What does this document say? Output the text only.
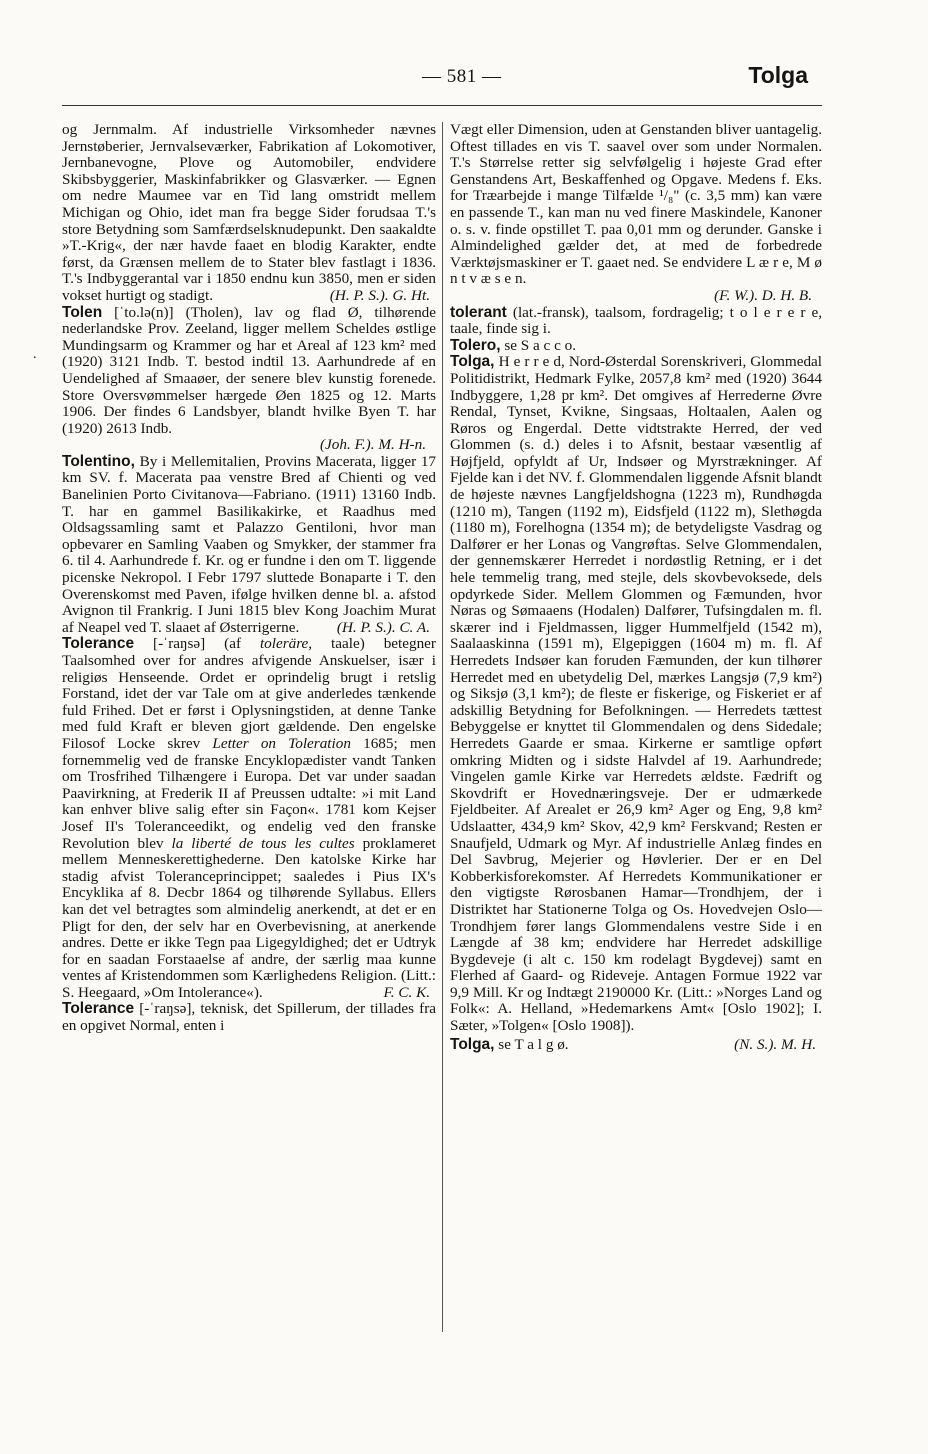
— 581 —	Tolga
.

og Jernmalm. Af industrielle Virksomheder nævnes Jernstøberier, Jernvalseværker, Fabrikation af Lokomotiver, Jernbanevogne, Plove og Automobiler, endvidere Skibsbyggerier, Maskinfabrikker og Glasværker. — Egnen om nedre Maumee var en Tid lang omstridt mellem Michigan og Ohio, idet man fra begge Sider forudsaa T.'s store Betydning som Samfærdselsknudepunkt. Den saakaldte »T.-Krig«, der nær havde faaet en blodig Karakter, endte først, da Grænsen mellem de to Stater blev fastlagt i 1836. T.'s Indbyggerantal var i 1850 endnu kun 3850, men er siden vokset hurtigt og stadigt.	(H. P. S.). G. Ht.

Tolen [ˈto.lə(n)] (Tholen), lav og flad Ø, tilhørende nederlandske Prov. Zeeland, ligger mellem Scheldes østlige Mundingsarm og Krammer og har et Areal af 123 km² med (1920) 3121 Indb. T. bestod indtil 13. Aarhundrede af en Uendelighed af Smaaøer, der senere blev kunstig forenede. Store Oversvømmelser hærgede Øen 1825 og 12. Marts 1906. Der findes 6 Landsbyer, blandt hvilke Byen T. har (1920) 2613 Indb.
(Joh. F.). M. H-n.

Tolentino, By i Mellemitalien, Provins Macerata, ligger 17 km SV. f. Macerata paa venstre Bred af Chienti og ved Banelinien Porto Civitanova—Fabriano. (1911) 13160 Indb. T. har en gammel Basilikakirke, et Raadhus med Oldsagssamling samt et Palazzo Gentiloni, hvor man opbevarer en Samling Vaaben og Smykker, der stammer fra 6. til 4. Aarhundrede f. Kr. og er fundne i den om T. liggende picenske Nekropol. I Febr 1797 sluttede Bonaparte i T. den Overenskomst med Paven, ifølge hvilken denne bl. a. afstod Avignon til Frankrig. I Juni 1815 blev Kong Joachim Murat af Neapel ved T. slaaet af Østerrigerne. (H. P. S.). C. A.

Tolerance [-ˈraŋsə] (af toleräre, taale) betegner Taalsomhed over for andres afvigende Anskuelser, især i religiøs Henseende. Ordet er oprindelig brugt i retslig Forstand, idet der var Tale om at give anderledes tænkende fuld Frihed. Det er først i Oplysningstiden, at denne Tanke med fuld Kraft er bleven gjort gældende. Den engelske Filosof Locke skrev Letter on Toleration 1685; men fornemmelig ved de franske Encyklopædister vandt Tanken om Trosfrihed Tilhængere i Europa. Det var under saadan Paavirkning, at Frederik II af Preussen udtalte: »i mit Land kan enhver blive salig efter sin Façon«. 1781 kom Kejser Josef II's Toleranceedikt, og endelig ved den franske Revolution blev la liberté de tous les cultes proklameret mellem Menneskerettighederne. Den katolske Kirke har stadig afvist Toleranceprincippet; saaledes i Pius IX's Encyklika af 8. Decbr 1864 og tilhørende Syllabus. Ellers kan det vel betragtes som almindelig anerkendt, at det er en Pligt for den, der selv har en Overbevisning, at anerkende andres. Dette er ikke Tegn paa Ligegyldighed; det er Udtryk for en saadan Forstaaelse af andre, der særlig maa kunne ventes af Kristendommen som Kærlighedens Religion. (Litt.: S. Heegaard, »Om Intolerance«).	F. C. K.

Tolerance [-ˈraŋsə], teknisk, det Spillerum, der tillades fra en opgivet Normal, enten i

Vægt eller Dimension, uden at Genstanden bliver uantagelig. Oftest tillades en vis T. saavel over som under Normalen. T.'s Størrelse retter sig selvfølgelig i højeste Grad efter Genstandens Art, Beskaffenhed og Opgave. Medens f. Eks. for Træarbejde i mange Tilfælde ¹/₈" (c. 3,5 mm) kan være en passende T., kan man nu ved finere Maskindele, Kanoner o. s. v. finde opstillet T. paa 0,01 mm og derunder. Ganske i Almindelighed gælder det, at med de forbedrede Værktøjsmaskiner er T. gaaet ned. Se endvidere L æ r e, M ø n t v æ s e n.
(F. W.). D. H. B.

tolerant (lat.-fransk), taalsom, fordragelig; t o l e r e r e, taale, finde sig i.

Tolero, se S a c c o.

Tolga, H e r r e d, Nord-Østerdal Sorenskriveri, Glommedal Politidistrikt, Hedmark Fylke, 2057,8 km² med (1920) 3644 Indbyggere, 1,28 pr km². Det omgives af Herrederne Øvre Rendal, Tynset, Kvikne, Singsaas, Holtaalen, Aalen og Røros og Engerdal. Dette vidtstrakte Herred, der ved Glommen (s. d.) deles i to Afsnit, bestaar væsentlig af Højfjeld, opfyldt af Ur, Indsøer og Myrstrækninger. Af Fjelde kan i det NV. f. Glommendalen liggende Afsnit blandt de højeste nævnes Langfjeldshogna (1223 m), Rundhøgda (1210 m), Tangen (1192 m), Eidsfjeld (1122 m), Slethøgda (1180 m), Forelhogna (1354 m); de betydeligste Vasdrag og Dalfører er her Lonas og Vangrøftas. Selve Glommendalen, der gennemskærer Herredet i nordøstlig Retning, er i det hele temmelig trang, med stejle, dels skovbevoksede, dels opdyrkede Sider. Mellem Glommen og Fæmunden, hvor Nøras og Sømaaens (Hodalen) Dalfører, Tufsingdalen m. fl. skærer ind i Fjeldmassen, ligger Hummelfjeld (1542 m), Saalaaskinna (1591 m), Elgepiggen (1604 m) m. fl. Af Herredets Indsøer kan foruden Fæmunden, der kun tilhører Herredet med en ubetydelig Del, mærkes Langsjø (7,9 km²) og Siksjø (3,1 km²); de fleste er fiskerige, og Fiskeriet er af adskillig Betydning for Befolkningen. — Herredets tættest Bebyggelse er knyttet til Glommendalen og dens Sidedale; Herredets Gaarde er smaa. Kirkerne er samtlige opført omkring Midten og i sidste Halvdel af 19. Aarhundrede; Vingelen gamle Kirke var Herredets ældste. Fædrift og Skovdrift er Hovednæringsveje. Der er udmærkede Fjeldbeiter. Af Arealet er 26,9 km² Ager og Eng, 9,8 km² Udslaatter, 434,9 km² Skov, 42,9 km² Ferskvand; Resten er Snaufjeld, Udmark og Myr. Af industrielle Anlæg findes en Del Savbrug, Mejerier og Høvlerier. Der er en Del Kobberkisforekomster. Af Herredets Kommunikationer er den vigtigste Rørosbanen Hamar—Trondhjem, der i Distriktet har Stationerne Tolga og Os. Hovedvejen Oslo—Trondhjem fører langs Glommendalens vestre Side i en Længde af 38 km; endvidere har Herredet adskillige Bygdeveje (i alt c. 150 km rodelagt Bygdevej) samt en Flerhed af Gaard- og Rideveje. Antagen Formue 1922 var 9,9 Mill. Kr og Indtægt 2190000 Kr. (Litt.: »Norges Land og Folk«: A. Helland, »Hedemarkens Amt« [Oslo 1902]; I. Sæter, »Tolgen« [Oslo 1908]).

Tolga, se T a l g ø.	(N. S.). M. H.
